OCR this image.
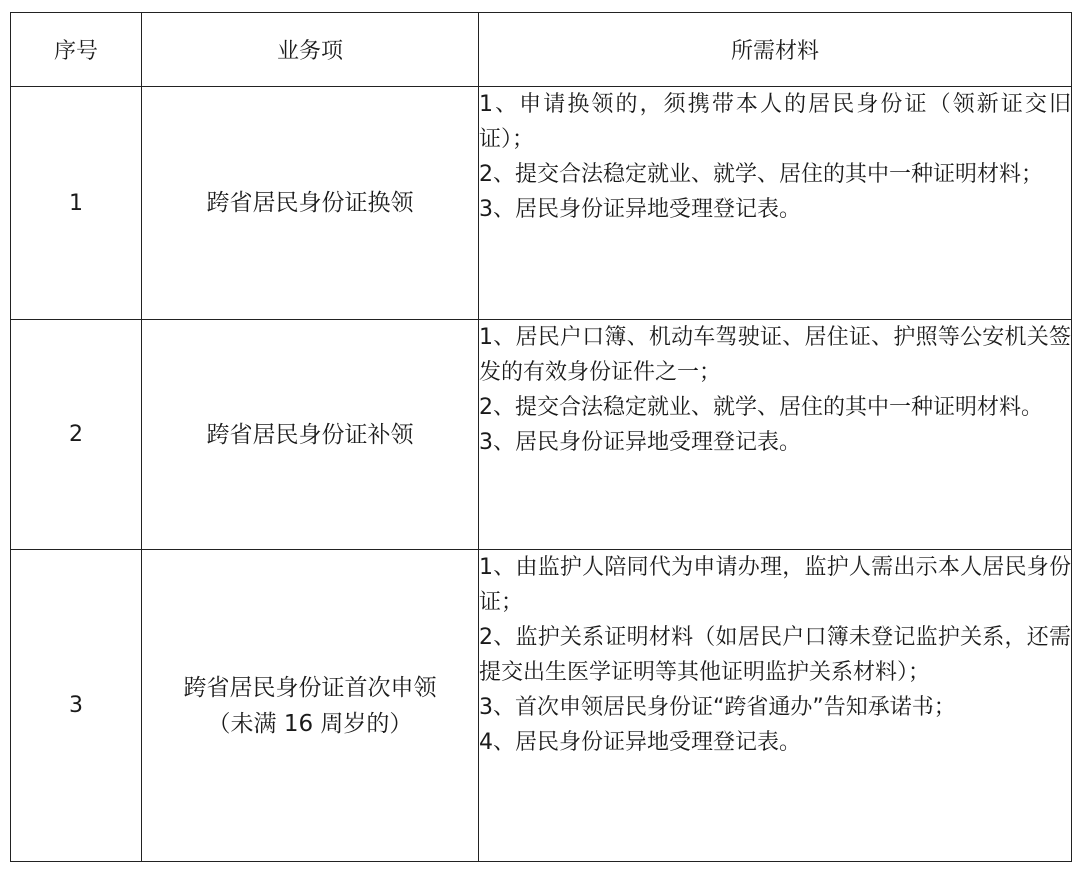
序号	业务项	所需材料
1	跨省居民身份证换领	1、申请换领的，须携带本人的居民身份证（领新证交旧证）；
2、提交合法稳定就业、就学、居住的其中一种证明材料；
3、居民身份证异地受理登记表。

2	跨省居民身份证补领	1、居民户口簿、机动车驾驶证、居住证、护照等公安机关签发的有效身份证件之一；
2、提交合法稳定就业、就学、居住的其中一种证明材料。
3、居民身份证异地受理登记表。

3	跨省居民身份证首次申领
（未满 16 周岁的）	1、由监护人陪同代为申请办理，监护人需出示本人居民身份证；
2、监护关系证明材料（如居民户口簿未登记监护关系，还需提交出生医学证明等其他证明监护关系材料）；
3、首次申领居民身份证“跨省通办”告知承诺书；
4、居民身份证异地受理登记表。
